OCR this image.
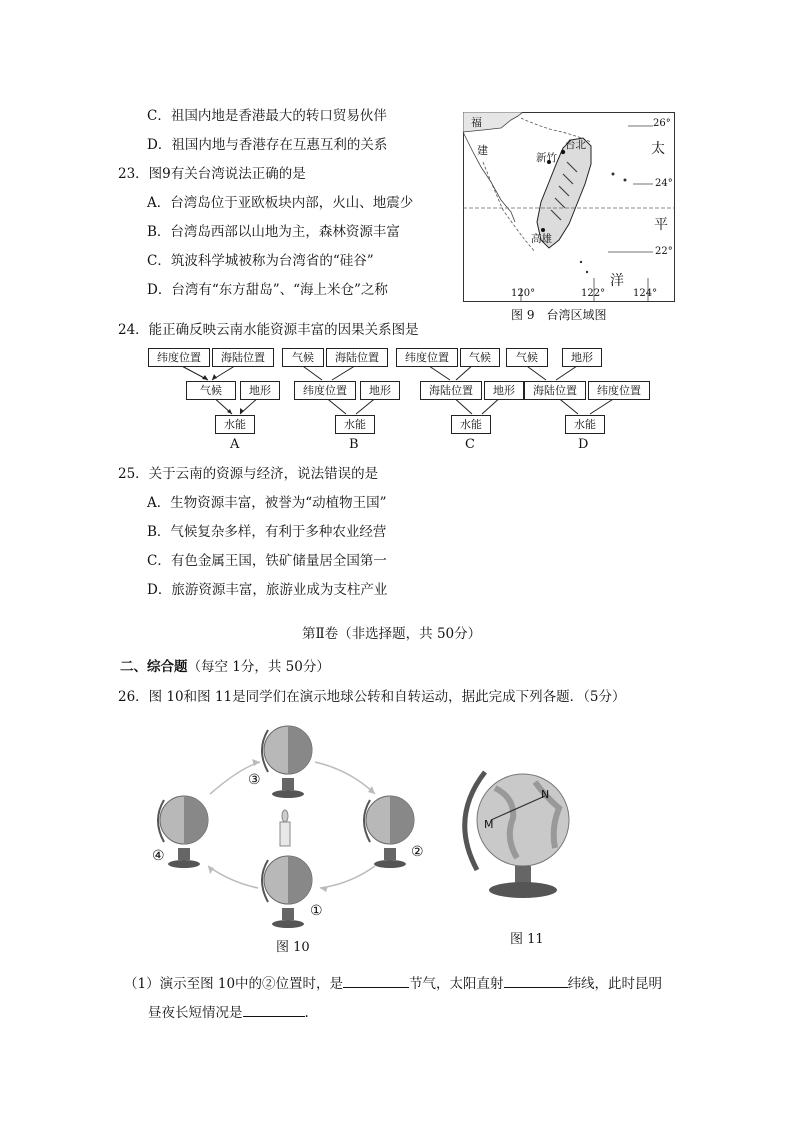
C．祖国内地是香港最大的转口贸易伙伴
D．祖国内地与香港存在互惠互利的关系
23．图9有关台湾说法正确的是
A．台湾岛位于亚欧板块内部，火山、地震少
B．台湾岛西部以山地为主，森林资源丰富
C．筑波科学城被称为台湾省的“硅谷”
D．台湾有“东方甜岛”、“海上米仓”之称
福
建	台北
新竹
高雄
太
平
洋
26°
24°
22°
120°	122°	124°
图 9　台湾区域图
24．能正确反映云南水能资源丰富的因果关系图是
纬度位置	海陆位置
气候	地形
水能
A
气候	海陆位置
纬度位置	地形
水能
B
纬度位置	气候
海陆位置	地形
水能
C
气候	地形
海陆位置	纬度位置
水能
D
25．关于云南的资源与经济，说法错误的是
A．生物资源丰富，被誉为“动植物王国”
B．气候复杂多样，有利于多种农业经营
C．有色金属王国，铁矿储量居全国第一
D．旅游资源丰富，旅游业成为支柱产业
第Ⅱ卷（非选择题，共 50分）
二、综合题（每空 1分，共 50分）
26．图 10和图 11是同学们在演示地球公转和自转运动，据此完成下列各题．（5分）
③
②
④
①
图 10
N
M
图 11
（1）演示至图 10中的②位置时，是	节气，太阳直射	纬线，此时昆明
昼夜长短情况是	.
